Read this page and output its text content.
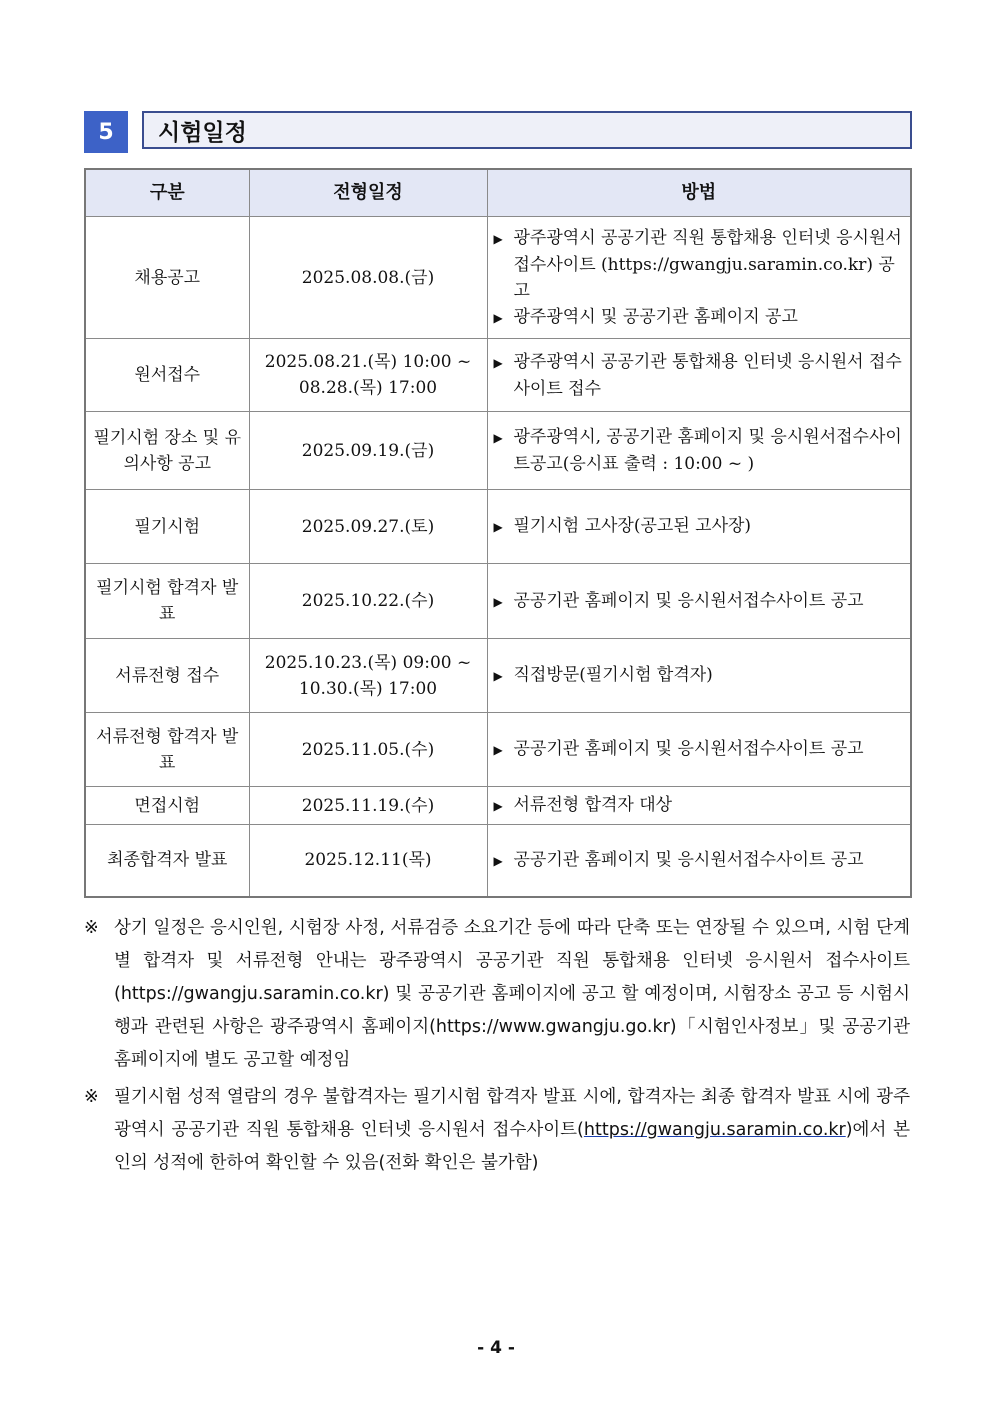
5	시험일정
구분	전형일정	방법
채용공고	2025.08.08.(금)	▶ 광주광역시 공공기관 직원 통합채용 인터넷 응시원서접수사이트 (https://gwangju.saramin.co.kr) 공고
▶ 광주광역시 및 공공기관 홈페이지 공고

원서접수	2025.08.21.(목) 10:00 ~ 08.28.(목) 17:00	▶ 광주광역시 공공기관 통합채용 인터넷 응시원서 접수사이트 접수

필기시험 장소 및 유의사항 공고	2025.09.19.(금)	▶ 광주광역시, 공공기관 홈페이지 및 응시원서접수사이트공고(응시표 출력 : 10:00 ~ )

필기시험	2025.09.27.(토)	▶ 필기시험 고사장(공고된 고사장)

필기시험 합격자 발표	2025.10.22.(수)	▶ 공공기관 홈페이지 및 응시원서접수사이트 공고

서류전형 접수	2025.10.23.(목) 09:00 ~ 10.30.(목) 17:00	▶ 직접방문(필기시험 합격자)

서류전형 합격자 발표	2025.11.05.(수)	▶ 공공기관 홈페이지 및 응시원서접수사이트 공고

면접시험	2025.11.19.(수)	▶ 서류전형 합격자 대상

최종합격자 발표	2025.12.11(목)	▶ 공공기관 홈페이지 및 응시원서접수사이트 공고
※ 상기 일정은 응시인원, 시험장 사정, 서류검증 소요기간 등에 따라 단축 또는 연장될 수 있으며, 시험 단계별 합격자 및 서류전형 안내는 광주광역시 공공기관 직원 통합채용 인터넷 응시원서 접수사이트(https://gwangju.saramin.co.kr) 및 공공기관 홈페이지에 공고 할 예정이며, 시험장소 공고 등 시험시행과 관련된 사항은 광주광역시 홈페이지(https://www.gwangju.go.kr)「시험인사정보」및 공공기관홈페이지에 별도 공고할 예정임
※ 필기시험 성적 열람의 경우 불합격자는 필기시험 합격자 발표 시에, 합격자는 최종 합격자 발표 시에 광주광역시 공공기관 직원 통합채용 인터넷 응시원서 접수사이트(https://gwangju.saramin.co.kr)에서 본인의 성적에 한하여 확인할 수 있음(전화 확인은 불가함)
- 4 -
